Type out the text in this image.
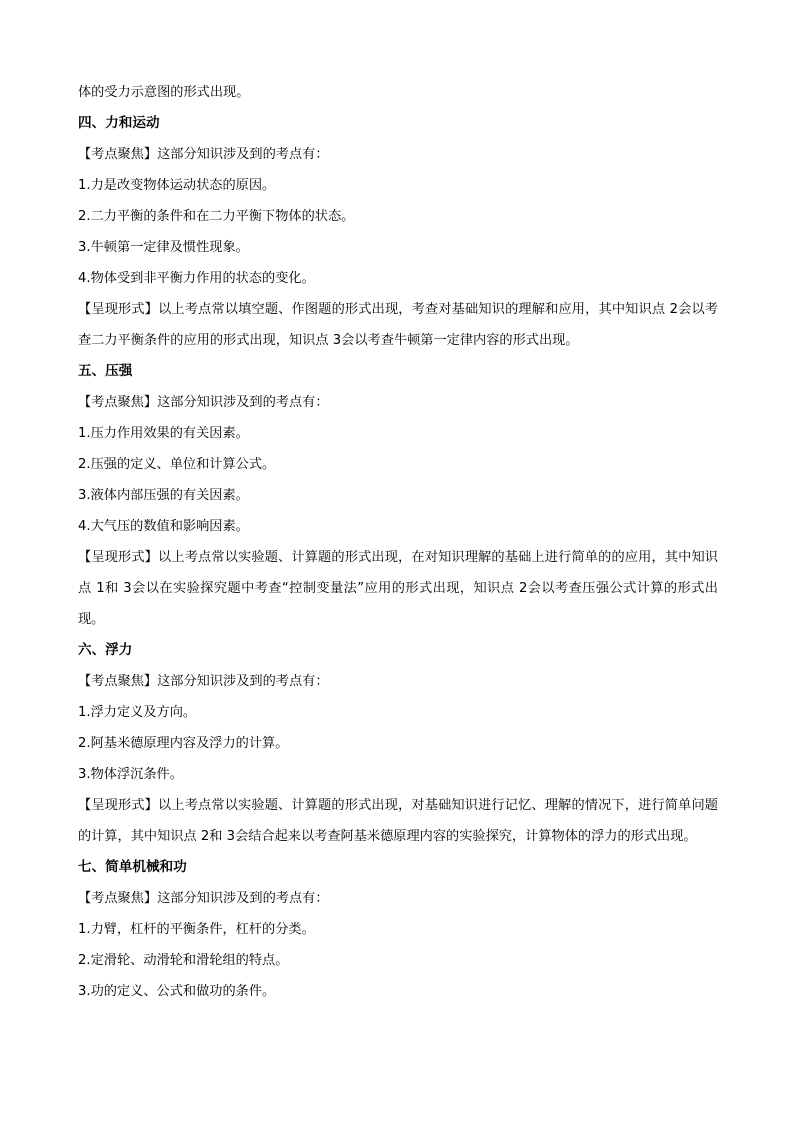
体的受力示意图的形式出现。
四、力和运动
【考点聚焦】这部分知识涉及到的考点有：
1.力是改变物体运动状态的原因。
2.二力平衡的条件和在二力平衡下物体的状态。
3.牛顿第一定律及惯性现象。
4.物体受到非平衡力作用的状态的变化。
【呈现形式】以上考点常以填空题、作图题的形式出现，考查对基础知识的理解和应用，其中知识点 2会以考查二力平衡条件的应用的形式出现，知识点 3会以考查牛顿第一定律内容的形式出现。
五、压强
【考点聚焦】这部分知识涉及到的考点有：
1.压力作用效果的有关因素。
2.压强的定义、单位和计算公式。
3.液体内部压强的有关因素。
4.大气压的数值和影响因素。
【呈现形式】以上考点常以实验题、计算题的形式出现，在对知识理解的基础上进行简单的的应用，其中知识点 1和 3会以在实验探究题中考查“控制变量法”应用的形式出现，知识点 2会以考查压强公式计算的形式出现。
六、浮力
【考点聚焦】这部分知识涉及到的考点有：
1.浮力定义及方向。
2.阿基米德原理内容及浮力的计算。
3.物体浮沉条件。
【呈现形式】以上考点常以实验题、计算题的形式出现，对基础知识进行记忆、理解的情况下，进行简单问题的计算，其中知识点 2和 3会结合起来以考查阿基米德原理内容的实验探究，计算物体的浮力的形式出现。
七、简单机械和功
【考点聚焦】这部分知识涉及到的考点有：
1.力臂，杠杆的平衡条件，杠杆的分类。
2.定滑轮、动滑轮和滑轮组的特点。
3.功的定义、公式和做功的条件。
